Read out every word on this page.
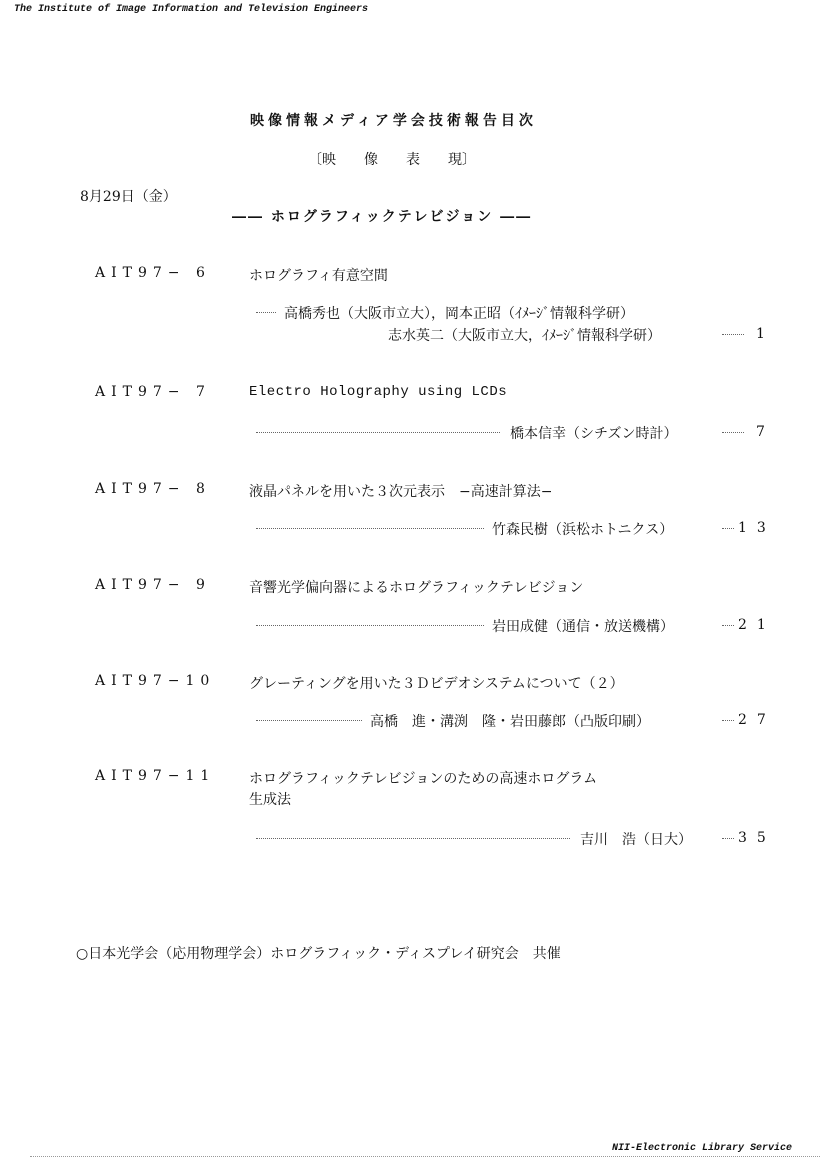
The Institute of Image Information and Television Engineers
NII-Electronic Library Service
映像情報メディア学会技術報告目次
〔映　　像　　表　　現〕
8月29日（金）
―― ホログラフィックテレビジョン ――
AIT97− 6	ホログラフィ有意空間
高橋秀也（大阪市立大），岡本正昭（ｲﾒｰｼﾞ情報科学研）
志水英二（大阪市立大，ｲﾒｰｼﾞ情報科学研）	1
AIT97− 7	Electro Holography using LCDs
橋本信幸（シチズン時計）	7
AIT97− 8	液晶パネルを用いた３次元表示　−高速計算法−
竹森民樹（浜松ホトニクス）	13
AIT97− 9	音響光学偏向器によるホログラフィックテレビジョン
岩田成健（通信・放送機構）	21
AIT97−10 グレーティングを用いた３Ｄビデオシステムについて（２）
高橋　進・溝渕　隆・岩田藤郎（凸版印刷）	27
AIT97−11 ホログラフィックテレビジョンのための高速ホログラム
生成法
吉川　浩（日大）	35
○日本光学会（応用物理学会）ホログラフィック・ディスプレイ研究会　共催
